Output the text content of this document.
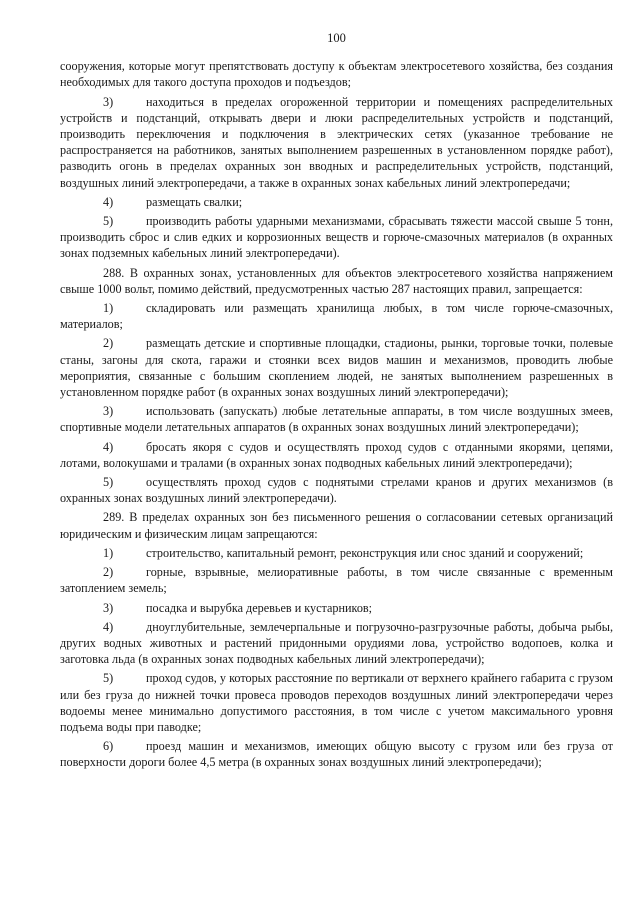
100

сооружения, которые могут препятствовать доступу к объектам электросетевого хозяйства, без создания необходимых для такого доступа проходов и подъездов;

3)	находиться в пределах огороженной территории и помещениях распределительных устройств и подстанций, открывать двери и люки распределительных устройств и подстанций, производить переключения и подключения в электрических сетях (указанное требование не распространяется на работников, занятых выполнением разрешенных в установленном порядке работ), разводить огонь в пределах охранных зон вводных и распределительных устройств, подстанций, воздушных линий электропередачи, а также в охранных зонах кабельных линий электропередачи;

4)	размещать свалки;

5)	производить работы ударными механизмами, сбрасывать тяжести массой свыше 5 тонн, производить сброс и слив едких и коррозионных веществ и горюче-смазочных материалов (в охранных зонах подземных кабельных линий электропередачи).

288. В охранных зонах, установленных для объектов электросетевого хозяйства напряжением свыше 1000 вольт, помимо действий, предусмотренных частью 287 настоящих правил, запрещается:

1)	складировать или размещать хранилища любых, в том числе горюче-смазочных, материалов;

2)	размещать детские и спортивные площадки, стадионы, рынки, торговые точки, полевые станы, загоны для скота, гаражи и стоянки всех видов машин и механизмов, проводить любые мероприятия, связанные с большим скоплением людей, не занятых выполнением разрешенных в установленном порядке работ (в охранных зонах воздушных линий электропередачи);

3)	использовать (запускать) любые летательные аппараты, в том числе воздушных змеев, спортивные модели летательных аппаратов (в охранных зонах воздушных линий электропередачи);

4)	бросать якоря с судов и осуществлять проход судов с отданными якорями, цепями, лотами, волокушами и тралами (в охранных зонах подводных кабельных линий электропередачи);

5)	осуществлять проход судов с поднятыми стрелами кранов и других механизмов (в охранных зонах воздушных линий электропередачи).

289. В пределах охранных зон без письменного решения о согласовании сетевых организаций юридическим и физическим лицам запрещаются:

1)	строительство, капитальный ремонт, реконструкция или снос зданий и сооружений;

2)	горные, взрывные, мелиоративные работы, в том числе связанные с временным затоплением земель;

3)	посадка и вырубка деревьев и кустарников;

4)	дноуглубительные, землечерпальные и погрузочно-разгрузочные работы, добыча рыбы, других водных животных и растений придонными орудиями лова, устройство водопоев, колка и заготовка льда (в охранных зонах подводных кабельных линий электропередачи);

5)	проход судов, у которых расстояние по вертикали от верхнего крайнего габарита с грузом или без груза до нижней точки провеса проводов переходов воздушных линий электропередачи через водоемы менее минимально допустимого расстояния, в том числе с учетом максимального уровня подъема воды при паводке;

6)	проезд машин и механизмов, имеющих общую высоту с грузом или без груза от поверхности дороги более 4,5 метра (в охранных зонах воздушных линий электропередачи);
